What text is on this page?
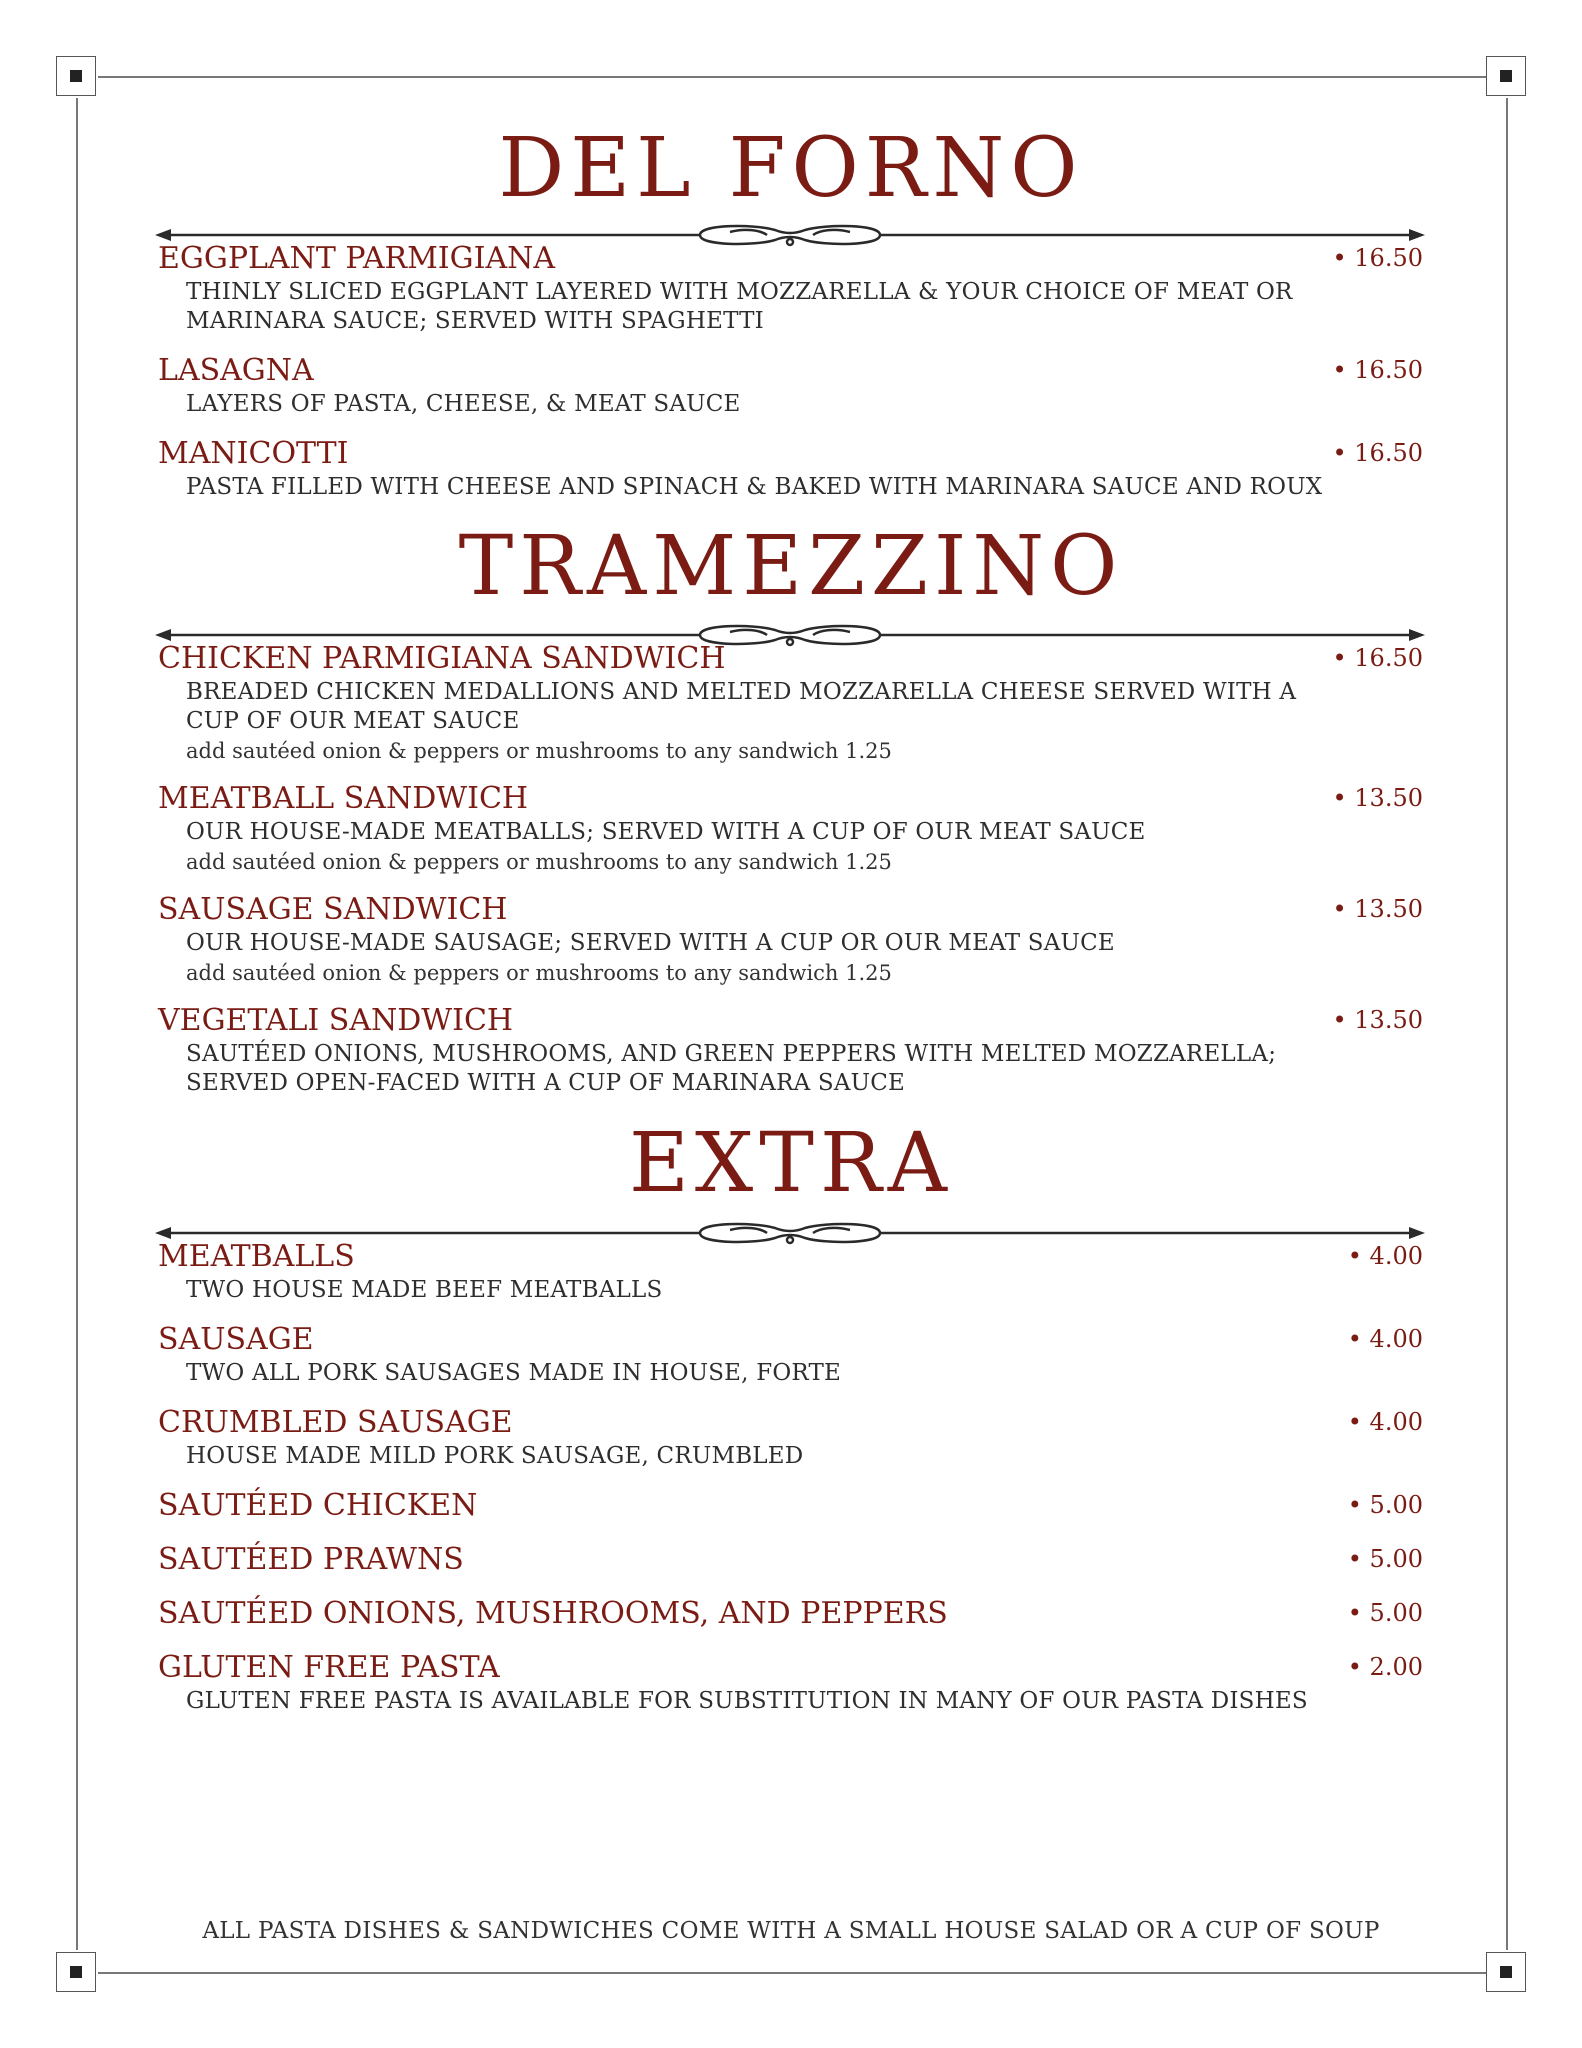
DEL FORNO
EGGPLANT PARMIGIANA	• 16.50
THINLY SLICED EGGPLANT LAYERED WITH MOZZARELLA & YOUR CHOICE OF MEAT OR MARINARA SAUCE; SERVED WITH SPAGHETTI
LASAGNA	• 16.50
LAYERS OF PASTA, CHEESE, & MEAT SAUCE
MANICOTTI	• 16.50
PASTA FILLED WITH CHEESE AND SPINACH & BAKED WITH MARINARA SAUCE AND ROUX
TRAMEZZINO
CHICKEN PARMIGIANA SANDWICH	• 16.50
BREADED CHICKEN MEDALLIONS AND MELTED MOZZARELLA CHEESE SERVED WITH A CUP OF OUR MEAT SAUCE
add sautéed onion & peppers or mushrooms to any sandwich 1.25
MEATBALL SANDWICH	• 13.50
OUR HOUSE-MADE MEATBALLS; SERVED WITH A CUP OF OUR MEAT SAUCE
add sautéed onion & peppers or mushrooms to any sandwich 1.25
SAUSAGE SANDWICH	• 13.50
OUR HOUSE-MADE SAUSAGE; SERVED WITH A CUP OR OUR MEAT SAUCE
add sautéed onion & peppers or mushrooms to any sandwich 1.25
VEGETALI SANDWICH	• 13.50
SAUTÉED ONIONS, MUSHROOMS, AND GREEN PEPPERS WITH MELTED MOZZARELLA; SERVED OPEN-FACED WITH A CUP OF MARINARA SAUCE
EXTRA
MEATBALLS	• 4.00
TWO HOUSE MADE BEEF MEATBALLS
SAUSAGE	• 4.00
TWO ALL PORK SAUSAGES MADE IN HOUSE, FORTE
CRUMBLED SAUSAGE	• 4.00
HOUSE MADE MILD PORK SAUSAGE, CRUMBLED
SAUTÉED CHICKEN	• 5.00
SAUTÉED PRAWNS	• 5.00
SAUTÉED ONIONS, MUSHROOMS, AND PEPPERS	• 5.00
GLUTEN FREE PASTA	• 2.00
GLUTEN FREE PASTA IS AVAILABLE FOR SUBSTITUTION IN MANY OF OUR PASTA DISHES
ALL PASTA DISHES & SANDWICHES COME WITH A SMALL HOUSE SALAD OR A CUP OF SOUP
